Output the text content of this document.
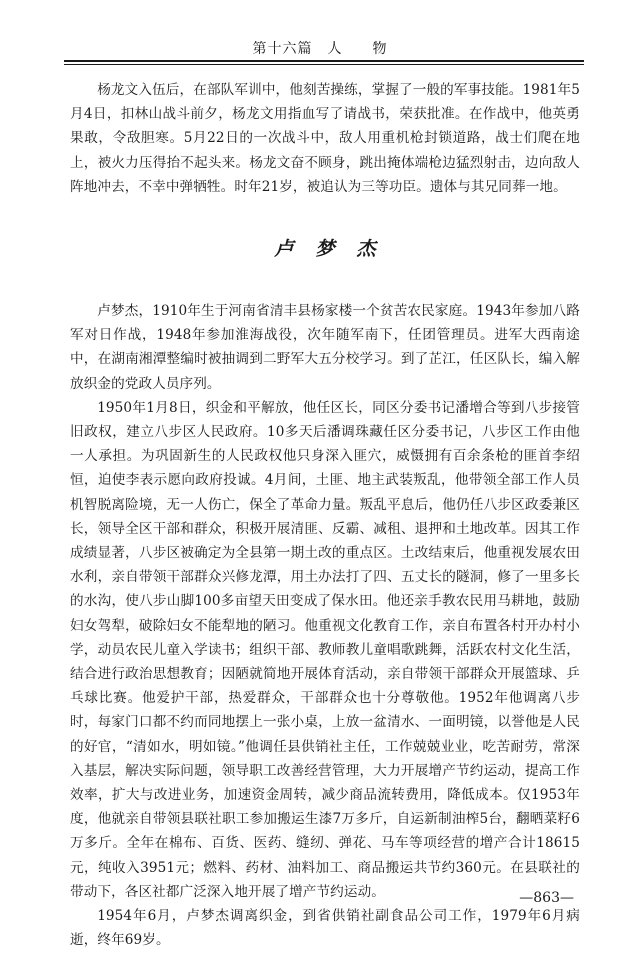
第十六篇　人　　物

杨龙文入伍后，在部队军训中，他刻苦操练，掌握了一般的军事技能。1981年5月4日，扣林山战斗前夕，杨龙文用指血写了请战书，荣获批准。在作战中，他英勇果敢，令敌胆寒。5月22日的一次战斗中，敌人用重机枪封锁道路，战士们爬在地上，被火力压得抬不起头来。杨龙文奋不顾身，跳出掩体端枪边猛烈射击，边向敌人阵地冲去，不幸中弹牺牲。时年21岁，被追认为三等功臣。遗体与其兄同葬一地。

卢梦杰

卢梦杰，1910年生于河南省清丰县杨家楼一个贫苦农民家庭。1943年参加八路军对日作战，1948年参加淮海战役，次年随军南下，任团管理员。进军大西南途中，在湖南湘潭整编时被抽调到二野军大五分校学习。到了芷江，任区队长，编入解放织金的党政人员序列。

1950年1月8日，织金和平解放，他任区长，同区分委书记潘增合等到八步接管旧政权，建立八步区人民政府。10多天后潘调珠藏任区分委书记，八步区工作由他一人承担。为巩固新生的人民政权他只身深入匪穴，威慑拥有百余条枪的匪首李绍恒，迫使李表示愿向政府投诚。4月间，土匪、地主武装叛乱，他带领全部工作人员机智脱离险境，无一人伤亡，保全了革命力量。叛乱平息后，他仍任八步区政委兼区长，领导全区干部和群众，积极开展清匪、反霸、减租、退押和土地改革。因其工作成绩显著，八步区被确定为全县第一期土改的重点区。土改结束后，他重视发展农田水利，亲自带领干部群众兴修龙潭，用土办法打了四、五丈长的隧洞，修了一里多长的水沟，使八步山脚100多亩望天田变成了保水田。他还亲手教农民用马耕地，鼓励妇女驾犁，破除妇女不能犁地的陋习。他重视文化教育工作，亲自布置各村开办村小学，动员农民儿童入学读书；组织干部、教师教儿童唱歌跳舞，活跃农村文化生活，结合进行政治思想教育；因陋就简地开展体育活动，亲自带领干部群众开展篮球、乒乓球比赛。他爱护干部，热爱群众，干部群众也十分尊敬他。1952年他调离八步时，每家门口都不约而同地摆上一张小桌，上放一盆清水、一面明镜，以誉他是人民的好官，“清如水，明如镜。”他调任县供销社主任，工作兢兢业业，吃苦耐劳，常深入基层，解决实际问题，领导职工改善经营管理，大力开展增产节约运动，提高工作效率，扩大与改进业务，加速资金周转，减少商品流转费用，降低成本。仅1953年度，他就亲自带领县联社职工参加搬运生漆7万多斤，自运新制油榨5台，翻晒菜籽6万多斤。全年在棉布、百货、医药、缝纫、弹花、马车等项经营的增产合计18615元，纯收入3951元；燃料、药材、油料加工、商品搬运共节约360元。在县联社的带动下，各区社都广泛深入地开展了增产节约运动。

1954年6月，卢梦杰调离织金，到省供销社副食品公司工作，1979年6月病逝，终年69岁。

—863—
